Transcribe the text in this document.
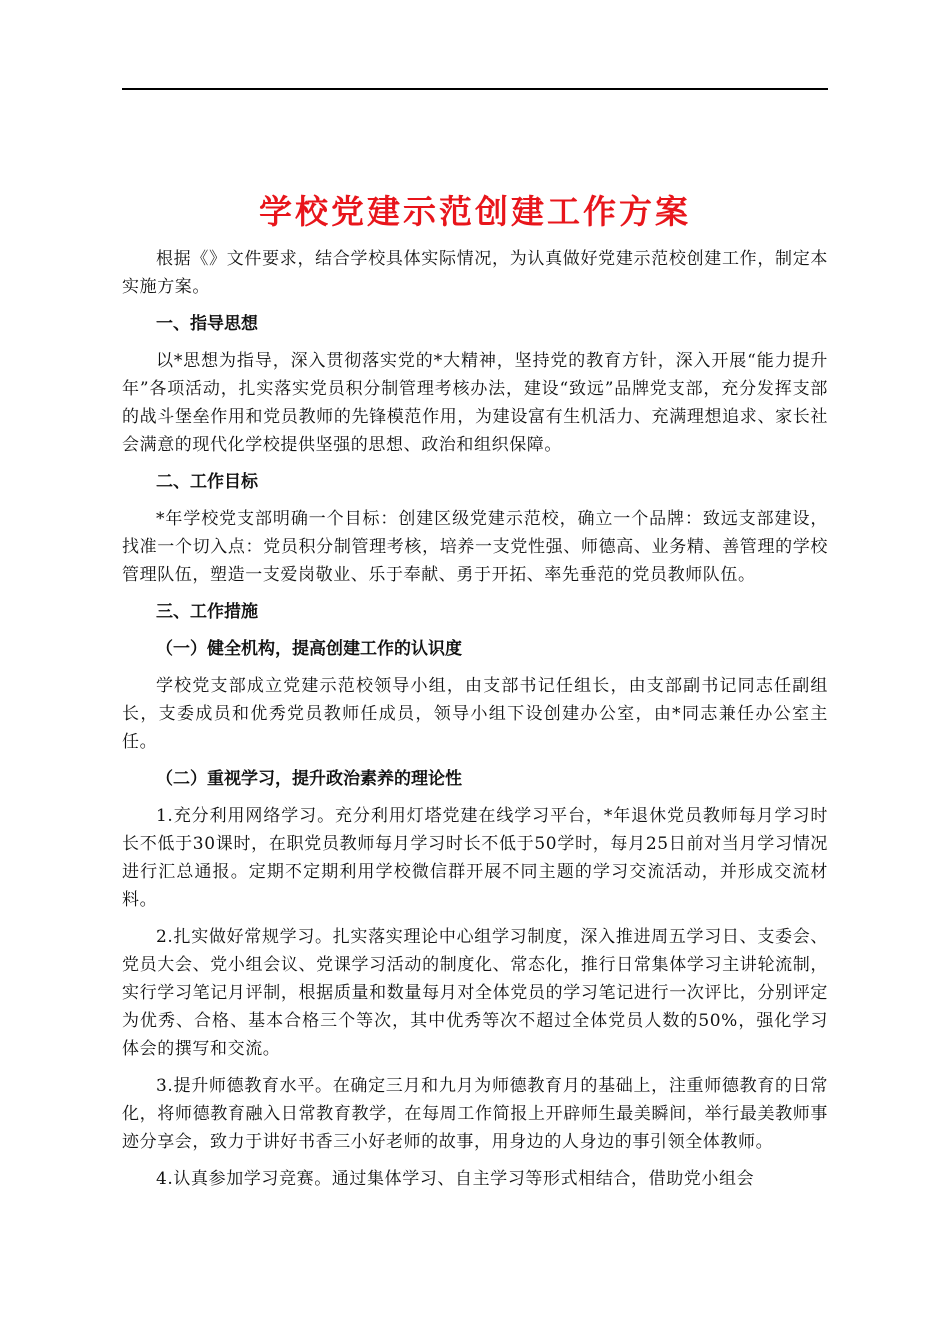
学校党建示范创建工作方案

根据《》文件要求，结合学校具体实际情况，为认真做好党建示范校创建工作，制定本实施方案。

一、指导思想

以*思想为指导，深入贯彻落实党的*大精神，坚持党的教育方针，深入开展“能力提升年”各项活动，扎实落实党员积分制管理考核办法，建设“致远”品牌党支部，充分发挥支部的战斗堡垒作用和党员教师的先锋模范作用，为建设富有生机活力、充满理想追求、家长社会满意的现代化学校提供坚强的思想、政治和组织保障。

二、工作目标

*年学校党支部明确一个目标：创建区级党建示范校，确立一个品牌：致远支部建设，找准一个切入点：党员积分制管理考核，培养一支党性强、师德高、业务精、善管理的学校管理队伍，塑造一支爱岗敬业、乐于奉献、勇于开拓、率先垂范的党员教师队伍。

三、工作措施

（一）健全机构，提高创建工作的认识度

学校党支部成立党建示范校领导小组，由支部书记任组长，由支部副书记同志任副组长，支委成员和优秀党员教师任成员，领导小组下设创建办公室，由*同志兼任办公室主任。

（二）重视学习，提升政治素养的理论性

1.充分利用网络学习。充分利用灯塔党建在线学习平台，*年退休党员教师每月学习时长不低于30课时，在职党员教师每月学习时长不低于50学时，每月25日前对当月学习情况进行汇总通报。定期不定期利用学校微信群开展不同主题的学习交流活动，并形成交流材料。

2.扎实做好常规学习。扎实落实理论中心组学习制度，深入推进周五学习日、支委会、党员大会、党小组会议、党课学习活动的制度化、常态化，推行日常集体学习主讲轮流制，实行学习笔记月评制，根据质量和数量每月对全体党员的学习笔记进行一次评比，分别评定为优秀、合格、基本合格三个等次，其中优秀等次不超过全体党员人数的50%，强化学习体会的撰写和交流。

3.提升师德教育水平。在确定三月和九月为师德教育月的基础上，注重师德教育的日常化，将师德教育融入日常教育教学，在每周工作简报上开辟师生最美瞬间，举行最美教师事迹分享会，致力于讲好书香三小好老师的故事，用身边的人身边的事引领全体教师。

4.认真参加学习竞赛。通过集体学习、自主学习等形式相结合，借助党小组会
